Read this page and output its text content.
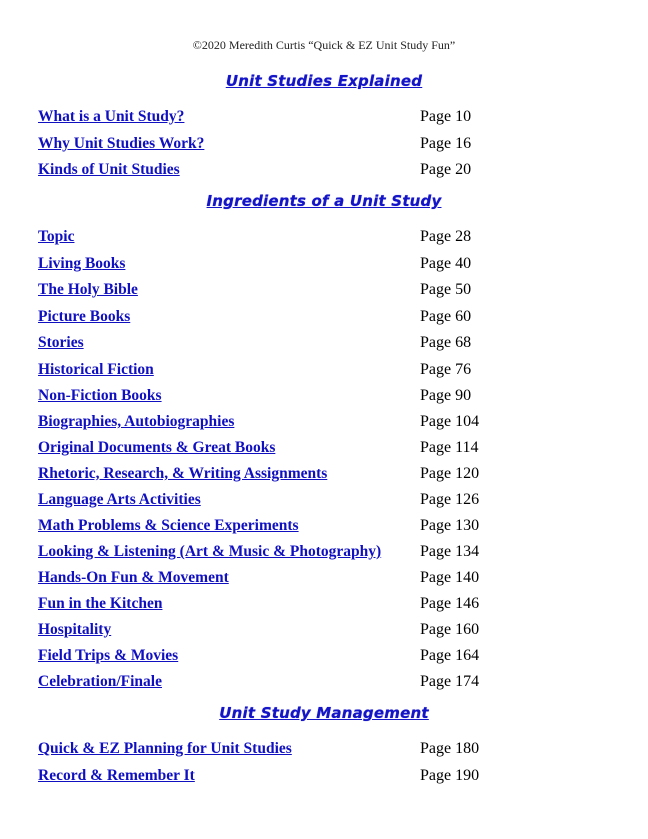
©2020 Meredith Curtis “Quick & EZ Unit Study Fun”
Unit Studies Explained
What is a Unit Study?	Page 10
Why Unit Studies Work?	Page 16
Kinds of Unit Studies	Page 20
Ingredients of a Unit Study
Topic	Page 28
Living Books	Page 40
The Holy Bible	Page 50
Picture Books	Page 60
Stories	Page 68
Historical Fiction	Page 76
Non-Fiction Books	Page 90
Biographies, Autobiographies	Page 104
Original Documents & Great Books	Page 114
Rhetoric, Research, & Writing Assignments	Page 120
Language Arts Activities	Page 126
Math Problems & Science Experiments	Page 130
Looking & Listening (Art & Music & Photography) Page 134
Hands-On Fun & Movement	Page 140
Fun in the Kitchen	Page 146
Hospitality	Page 160
Field Trips & Movies	Page 164
Celebration/Finale	Page 174
Unit Study Management
Quick & EZ Planning for Unit Studies	Page 180
Record & Remember It	Page 190
